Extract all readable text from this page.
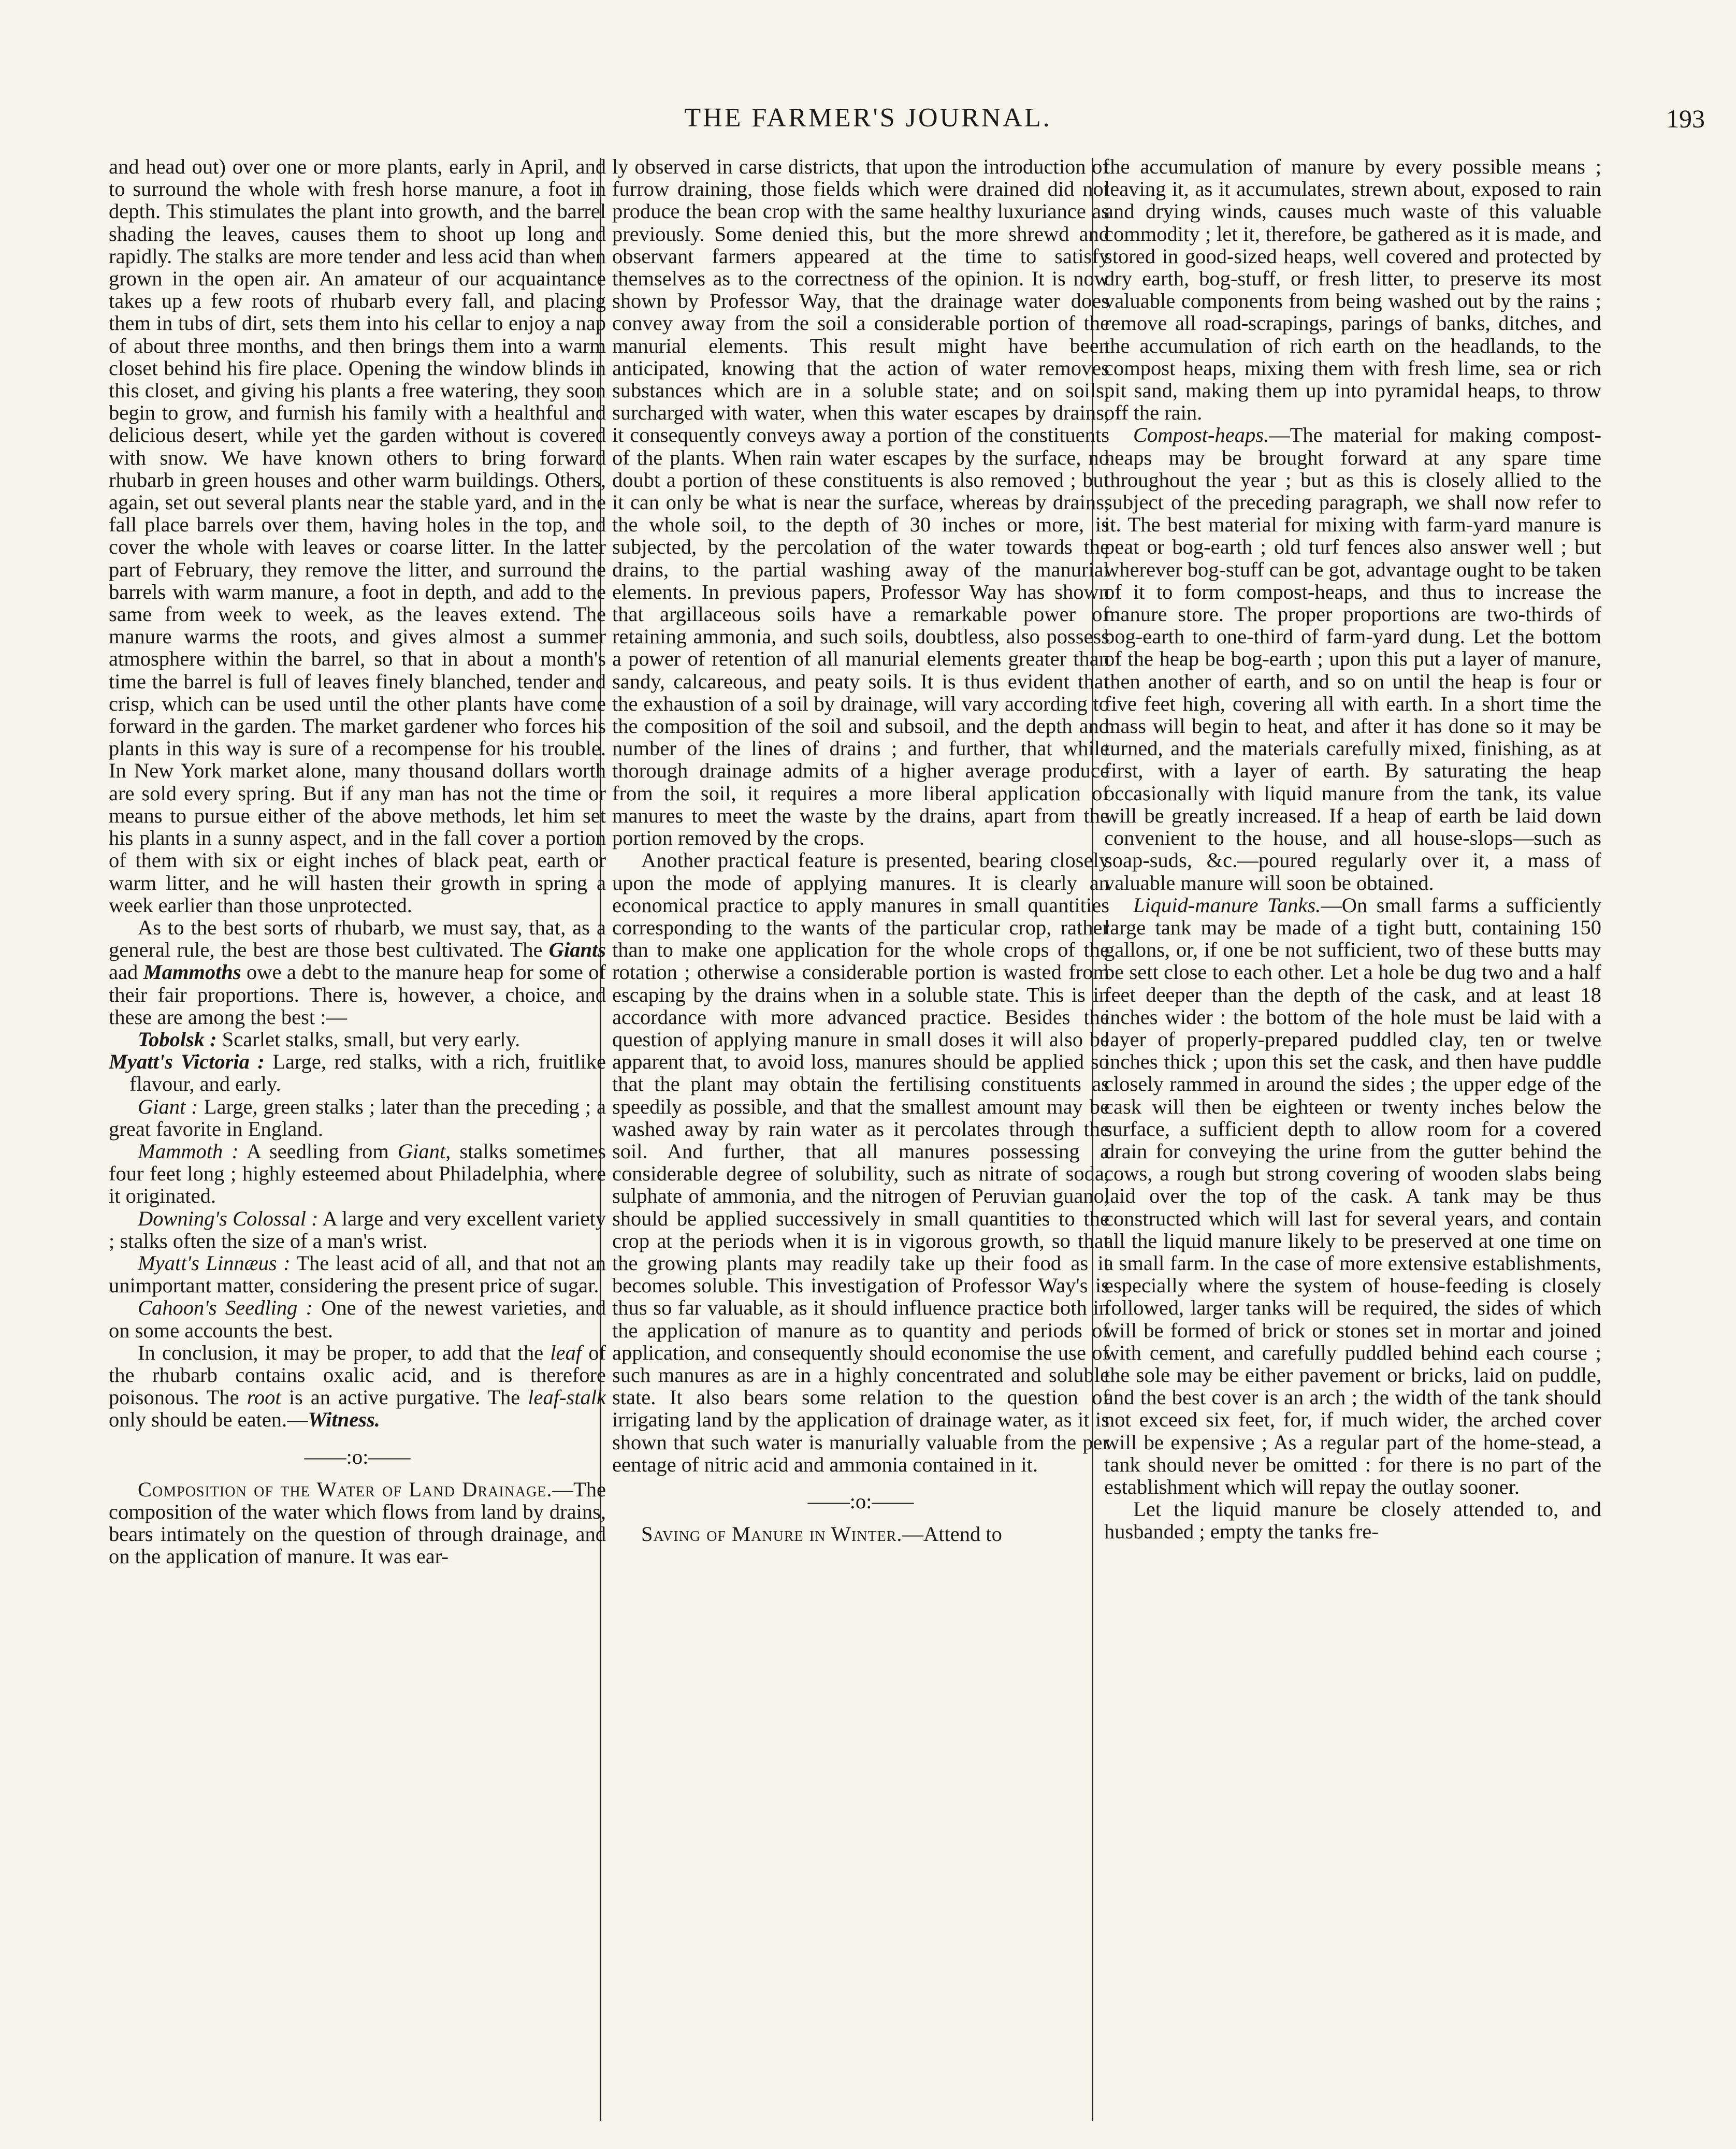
THE FARMER'S JOURNAL.	193

and head out) over one or more plants, early in April, and to surround the whole with fresh horse manure, a foot in depth. This stimulates the plant into growth, and the barrel shading the leaves, causes them to shoot up long and rapidly. The stalks are more tender and less acid than when grown in the open air. An amateur of our acquaintance takes up a few roots of rhubarb every fall, and placing them in tubs of dirt, sets them into his cellar to enjoy a nap of about three months, and then brings them into a warm closet behind his fire place. Opening the window blinds in this closet, and giving his plants a free watering, they soon begin to grow, and furnish his family with a healthful and delicious desert, while yet the garden without is covered with snow. We have known others to bring forward rhubarb in green houses and other warm buildings. Others, again, set out several plants near the stable yard, and in the fall place barrels over them, having holes in the top, and cover the whole with leaves or coarse litter. In the latter part of February, they remove the litter, and surround the barrels with warm manure, a foot in depth, and add to the same from week to week, as the leaves extend. The manure warms the roots, and gives almost a summer atmosphere within the barrel, so that in about a month's time the barrel is full of leaves finely blanched, tender and crisp, which can be used until the other plants have come forward in the garden. The market gardener who forces his plants in this way is sure of a recompense for his trouble. In New York market alone, many thousand dollars worth are sold every spring. But if any man has not the time or means to pursue either of the above methods, let him set his plants in a sunny aspect, and in the fall cover a portion of them with six or eight inches of black peat, earth or warm litter, and he will hasten their growth in spring a week earlier than those unprotected.

As to the best sorts of rhubarb, we must say, that, as a general rule, the best are those best cultivated. The Giants aad Mammoths owe a debt to the manure heap for some of their fair proportions. There is, however, a choice, and these are among the best :—

Tobolsk : Scarlet stalks, small, but very early.

Myatt's Victoria : Large, red stalks, with a rich, fruitlike flavour, and early.

Giant : Large, green stalks ; later than the preceding ; a great favorite in England.

Mammoth : A seedling from Giant, stalks sometimes four feet long ; highly esteemed about Philadelphia, where it originated.

Downing's Colossal : A large and very excellent variety ; stalks often the size of a man's wrist.

Myatt's Linnæus : The least acid of all, and that not an unimportant matter, considering the present price of sugar.

Cahoon's Seedling : One of the newest varieties, and on some accounts the best.

In conclusion, it may be proper, to add that the leaf of the rhubarb contains oxalic acid, and is therefore poisonous. The root is an active purgative. The leaf-stalk only should be eaten.—Witness.

——:o:——

Composition of the Water of Land Drainage.—The composition of the water which flows from land by drains, bears intimately on the question of through drainage, and on the application of manure. It was ear-

ly observed in carse districts, that upon the introduction of furrow draining, those fields which were drained did not produce the bean crop with the same healthy luxuriance as previously. Some denied this, but the more shrewd and observant farmers appeared at the time to satisfy themselves as to the correctness of the opinion. It is now shown by Professor Way, that the drainage water does convey away from the soil a considerable portion of the manurial elements. This result might have been anticipated, knowing that the action of water removes substances which are in a soluble state; and on soils, surcharged with water, when this water escapes by drains, it consequently conveys away a portion of the constituents of the plants. When rain water escapes by the surface, no doubt a portion of these constituents is also removed ; but it can only be what is near the surface, whereas by drains, the whole soil, to the depth of 30 inches or more, is subjected, by the percolation of the water towards the drains, to the partial washing away of the manurial elements. In previous papers, Professor Way has shown that argillaceous soils have a remarkable power of retaining ammonia, and such soils, doubtless, also possess a power of retention of all manurial elements greater than sandy, calcareous, and peaty soils. It is thus evident that the exhaustion of a soil by drainage, will vary according to the composition of the soil and subsoil, and the depth and number of the lines of drains ; and further, that while thorough drainage admits of a higher average produce from the soil, it requires a more liberal application of manures to meet the waste by the drains, apart from the portion removed by the crops.

Another practical feature is presented, bearing closely upon the mode of applying manures. It is clearly an economical practice to apply manures in small quantities corresponding to the wants of the particular crop, rather than to make one application for the whole crops of the rotation ; otherwise a considerable portion is wasted from escaping by the drains when in a soluble state. This is in accordance with more advanced practice. Besides the question of applying manure in small doses it will also be apparent that, to avoid loss, manures should be applied so that the plant may obtain the fertilising constituents as speedily as possible, and that the smallest amount may be washed away by rain water as it percolates through the soil. And further, that all manures possessing a considerable degree of solubility, such as nitrate of soda, sulphate of ammonia, and the nitrogen of Peruvian guano, should be applied successively in small quantities to the crop at the periods when it is in vigorous growth, so that the growing plants may readily take up their food as it becomes soluble. This investigation of Professor Way's is thus so far valuable, as it should influence practice both in the application of manure as to quantity and periods of application, and consequently should economise the use of such manures as are in a highly concentrated and soluble state. It also bears some relation to the question of irrigating land by the application of drainage water, as it is shown that such water is manurially valuable from the per eentage of nitric acid and ammonia contained in it.

——:o:——

Saving of Manure in Winter.—Attend to

the accumulation of manure by every possible means ; leaving it, as it accumulates, strewn about, exposed to rain and drying winds, causes much waste of this valuable commodity ; let it, therefore, be gathered as it is made, and stored in good-sized heaps, well covered and protected by dry earth, bog-stuff, or fresh litter, to preserve its most valuable components from being washed out by the rains ; remove all road-scrapings, parings of banks, ditches, and the accumulation of rich earth on the headlands, to the compost heaps, mixing them with fresh lime, sea or rich pit sand, making them up into pyramidal heaps, to throw off the rain.

Compost-heaps.—The material for making compost-heaps may be brought forward at any spare time throughout the year ; but as this is closely allied to the subject of the preceding paragraph, we shall now refer to it. The best material for mixing with farm-yard manure is peat or bog-earth ; old turf fences also answer well ; but wherever bog-stuff can be got, advantage ought to be taken of it to form compost-heaps, and thus to increase the manure store. The proper proportions are two-thirds of bog-earth to one-third of farm-yard dung. Let the bottom of the heap be bog-earth ; upon this put a layer of manure, then another of earth, and so on until the heap is four or five feet high, covering all with earth. In a short time the mass will begin to heat, and after it has done so it may be turned, and the materials carefully mixed, finishing, as at first, with a layer of earth. By saturating the heap occasionally with liquid manure from the tank, its value will be greatly increased. If a heap of earth be laid down convenient to the house, and all house-slops—such as soap-suds, &c.—poured regularly over it, a mass of valuable manure will soon be obtained.

Liquid-manure Tanks.—On small farms a sufficiently large tank may be made of a tight butt, containing 150 gallons, or, if one be not sufficient, two of these butts may be sett close to each other. Let a hole be dug two and a half feet deeper than the depth of the cask, and at least 18 inches wider : the bottom of the hole must be laid with a layer of properly-prepared puddled clay, ten or twelve inches thick ; upon this set the cask, and then have puddle closely rammed in around the sides ; the upper edge of the cask will then be eighteen or twenty inches below the surface, a sufficient depth to allow room for a covered drain for conveying the urine from the gutter behind the cows, a rough but strong covering of wooden slabs being laid over the top of the cask. A tank may be thus constructed which will last for several years, and contain all the liquid manure likely to be preserved at one time on a small farm. In the case of more extensive establishments, especially where the system of house-feeding is closely followed, larger tanks will be required, the sides of which will be formed of brick or stones set in mortar and joined with cement, and carefully puddled behind each course ; the sole may be either pavement or bricks, laid on puddle, and the best cover is an arch ; the width of the tank should not exceed six feet, for, if much wider, the arched cover will be expensive ; As a regular part of the home-stead, a tank should never be omitted : for there is no part of the establishment which will repay the outlay sooner.

Let the liquid manure be closely attended to, and husbanded ; empty the tanks fre-
